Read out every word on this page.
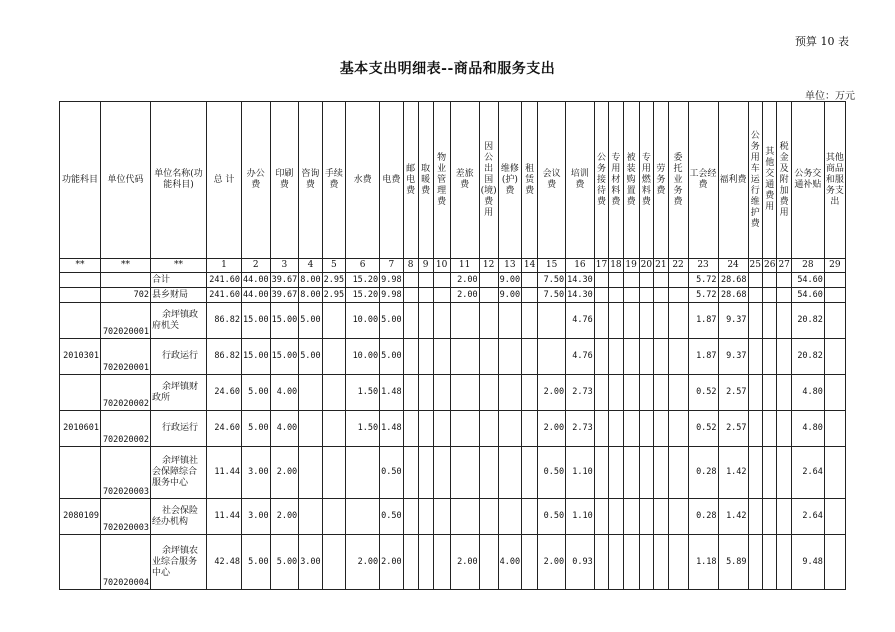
预算 10 表
基本支出明细表--商品和服务支出
单位：万元
功能科目	单位代码	单位名称(功能科目)	总 计	办公费	印刷费	咨询费	手续费	水费	电费	邮电费	取暖费	物业管理费	差旅费	因公出国(境)费用	维修(护)费	租赁费	会议费	培训费	公务接待费	专用材料费	被装购置费	专用燃料费	劳务费	委托业务费	工会经费	福利费	公务用车运行维护费	其他交通费用	税金及附加费用	公务交通补贴	其他商品和服务支出
**	**	**	1	2	3	4	5	6	7	8	9	10	11	12	13	14	15	16	17	18	19	20	21	22	23	24	25	26	27	28	29
		合计	241.60	44.00	39.67	8.00	2.95	15.20	9.98				2.00		9.00		7.50	14.30							5.72	28.68				54.60	
	702	县乡财局	241.60	44.00	39.67	8.00	2.95	15.20	9.98				2.00		9.00		7.50	14.30							5.72	28.68				54.60	
	702020001	余坪镇政府机关	86.82	15.00	15.00	5.00		10.00	5.00									4.76							1.87	9.37				20.82	
2010301	702020001	行政运行	86.82	15.00	15.00	5.00		10.00	5.00									4.76							1.87	9.37				20.82	
	702020002	余坪镇财政所	24.60	5.00	4.00			1.50	1.48								2.00	2.73							0.52	2.57				4.80	
2010601	702020002	行政运行	24.60	5.00	4.00			1.50	1.48								2.00	2.73							0.52	2.57				4.80	
	702020003	余坪镇社会保障综合服务中心	11.44	3.00	2.00				0.50								0.50	1.10							0.28	1.42				2.64	
2080109	702020003	社会保险经办机构	11.44	3.00	2.00				0.50								0.50	1.10							0.28	1.42				2.64	
	702020004	余坪镇农业综合服务中心	42.48	5.00	5.00	3.00		2.00	2.00				2.00		4.00		2.00	0.93							1.18	5.89				9.48	
